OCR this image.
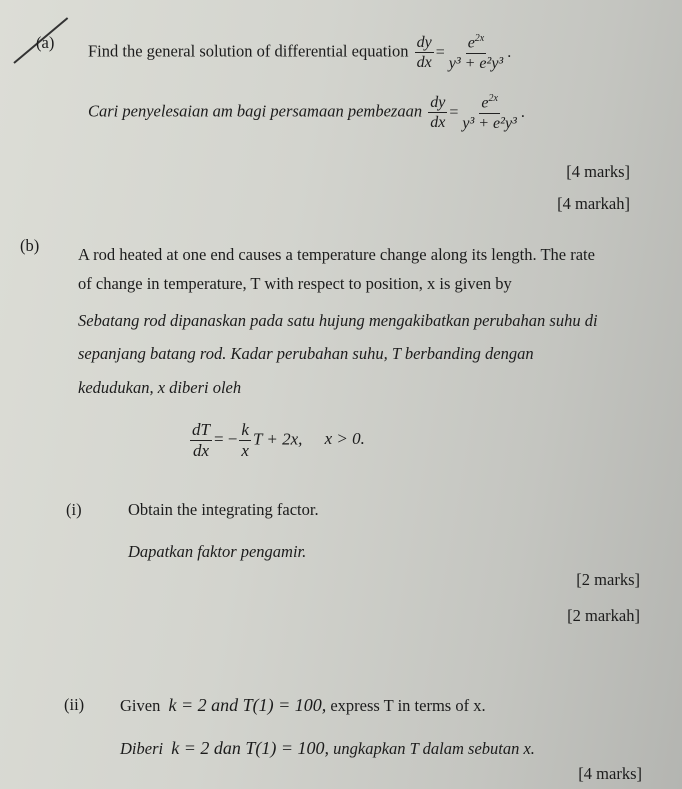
(a) Find the general solution of differential equation $\frac{dy}{dx} = \frac{e^{2x}}{\text{y³ + e²y³}}$ .
Cari penyelesaian am bagi persamaan pembezaan $\frac{dy}{dx} = \frac{e^{2x}}{\text{y³ + e²y³}}$ .
[4 marks]
[4 markah]
(b) A rod heated at one end causes a temperature change along its length. The rate
of change in temperature, T with respect to position, x is given by
Sebatang rod dipanaskan pada satu hujung mengakibatkan perubahan suhu di
sepanjang batang rod. Kadar perubahan suhu, T berbanding dengan
kedudukan, x diberi oleh
$\frac{dT}{dx}$ = − $\frac{k}{x}$ T + 2x, x > 0.
(i)	Obtain the integrating factor.
Dapatkan faktor pengamir.
[2 marks]
[2 markah]
(ii) Given k = 2 and T(1) = 100, express T in terms of x.
Diberi k = 2 dan T(1) = 100, ungkapkan T dalam sebutan x.
[4 marks]
